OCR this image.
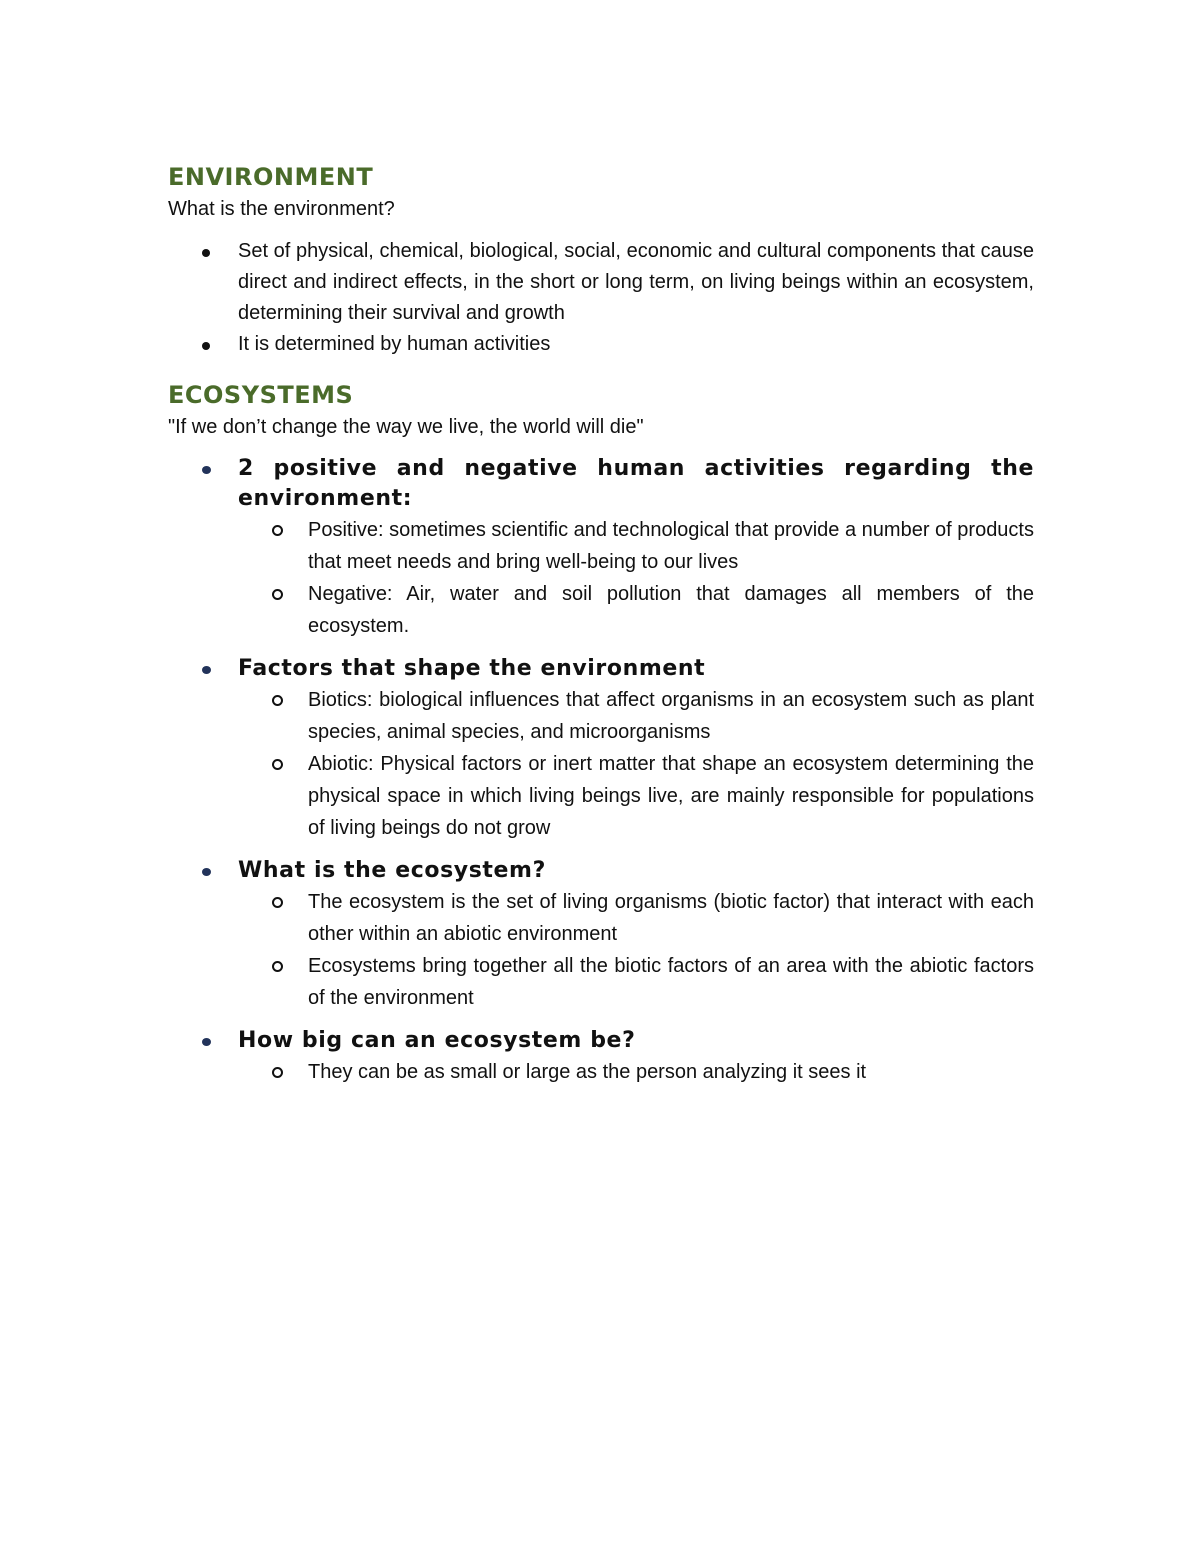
ENVIRONMENT

What is the environment?

Set of physical, chemical, biological, social, economic and cultural components that cause direct and indirect effects, in the short or long term, on living beings within an ecosystem, determining their survival and growth
It is determined by human activities
ECOSYSTEMS

"If we don’t change the way we live, the world will die"

2 positive and negative human activities regarding the environment:
Positive: sometimes scientific and technological that provide a number of products that meet needs and bring well-being to our lives
Negative: Air, water and soil pollution that damages all members of the ecosystem.
Factors that shape the environment
Biotics: biological influences that affect organisms in an ecosystem such as plant species, animal species, and microorganisms
Abiotic: Physical factors or inert matter that shape an ecosystem determining the physical space in which living beings live, are mainly responsible for populations of living beings do not grow
What is the ecosystem?
The ecosystem is the set of living organisms (biotic factor) that interact with each other within an abiotic environment
Ecosystems bring together all the biotic factors of an area with the abiotic factors of the environment
How big can an ecosystem be?
They can be as small or large as the person analyzing it sees it
